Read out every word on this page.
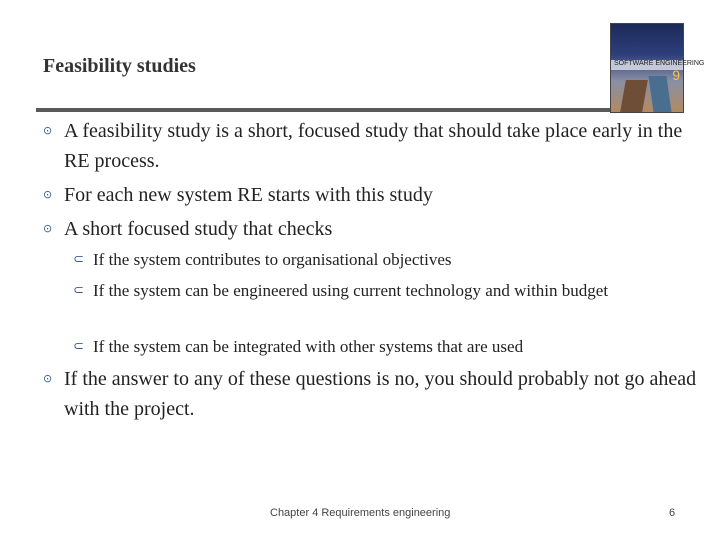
Feasibility studies	SOFTWARE ENGINEERING
9
⊙ A feasibility study is a short, focused study that should take place early in the RE process.
⊙ For each new system RE starts with this study
⊙ A short focused study that checks
⊂ If the system contributes to organisational objectives
⊂ If the system can be engineered using current technology and within budget
⊂ If the system can be integrated with other systems that are used
⊙ If the answer to any of these questions is no, you should probably not go ahead with the project.
Chapter 4 Requirements engineering	6
